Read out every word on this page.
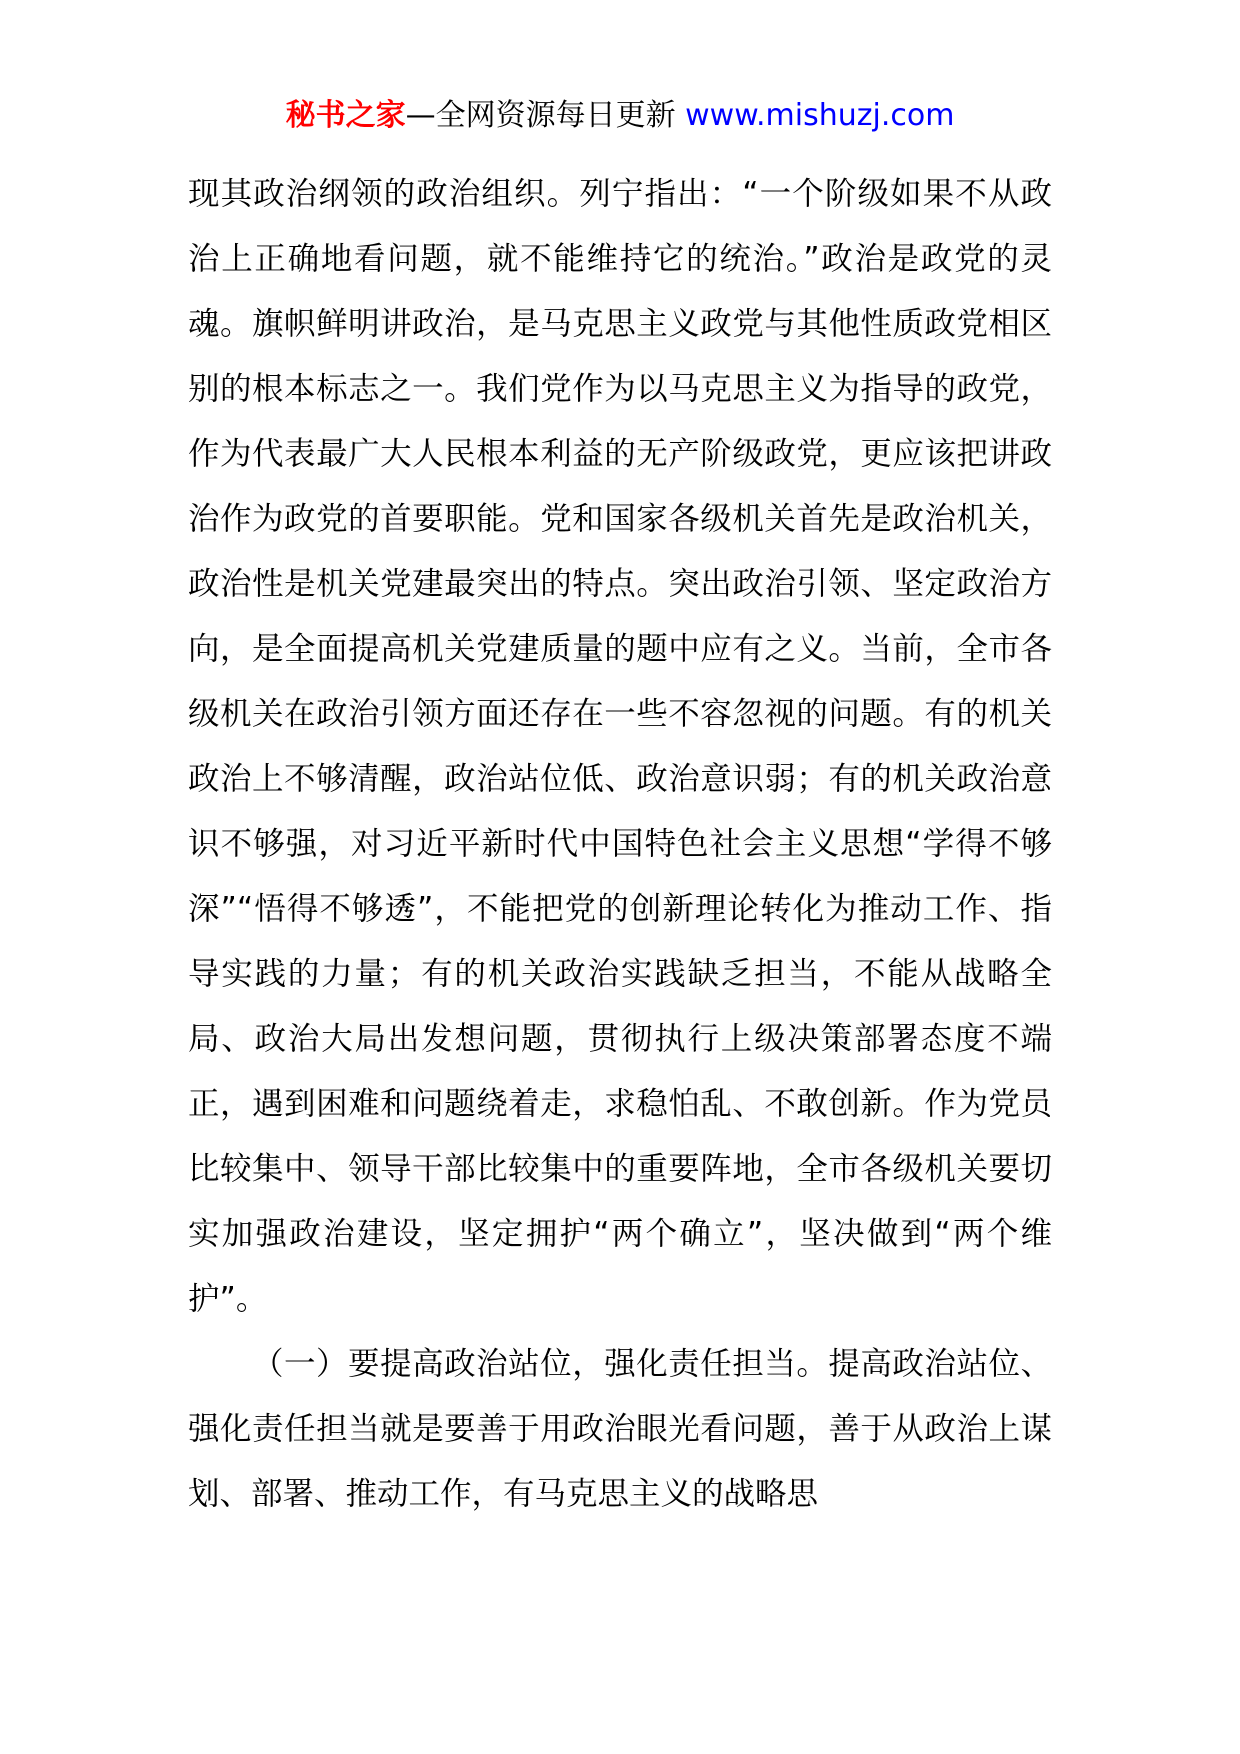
秘书之家—全网资源每日更新 www.mishuzj.com

现其政治纲领的政治组织。列宁指出：“一个阶级如果不从政治上正确地看问题，就不能维持它的统治。”政治是政党的灵魂。旗帜鲜明讲政治，是马克思主义政党与其他性质政党相区别的根本标志之一。我们党作为以马克思主义为指导的政党，作为代表最广大人民根本利益的无产阶级政党，更应该把讲政治作为政党的首要职能。党和国家各级机关首先是政治机关，政治性是机关党建最突出的特点。突出政治引领、坚定政治方向，是全面提高机关党建质量的题中应有之义。当前，全市各级机关在政治引领方面还存在一些不容忽视的问题。有的机关政治上不够清醒，政治站位低、政治意识弱；有的机关政治意识不够强，对习近平新时代中国特色社会主义思想“学得不够深”“悟得不够透”，不能把党的创新理论转化为推动工作、指导实践的力量；有的机关政治实践缺乏担当，不能从战略全局、政治大局出发想问题，贯彻执行上级决策部署态度不端正，遇到困难和问题绕着走，求稳怕乱、不敢创新。作为党员比较集中、领导干部比较集中的重要阵地，全市各级机关要切实加强政治建设，坚定拥护“两个确立”，坚决做到“两个维护”。

（一）要提高政治站位，强化责任担当。提高政治站位、强化责任担当就是要善于用政治眼光看问题，善于从政治上谋划、部署、推动工作，有马克思主义的战略思
